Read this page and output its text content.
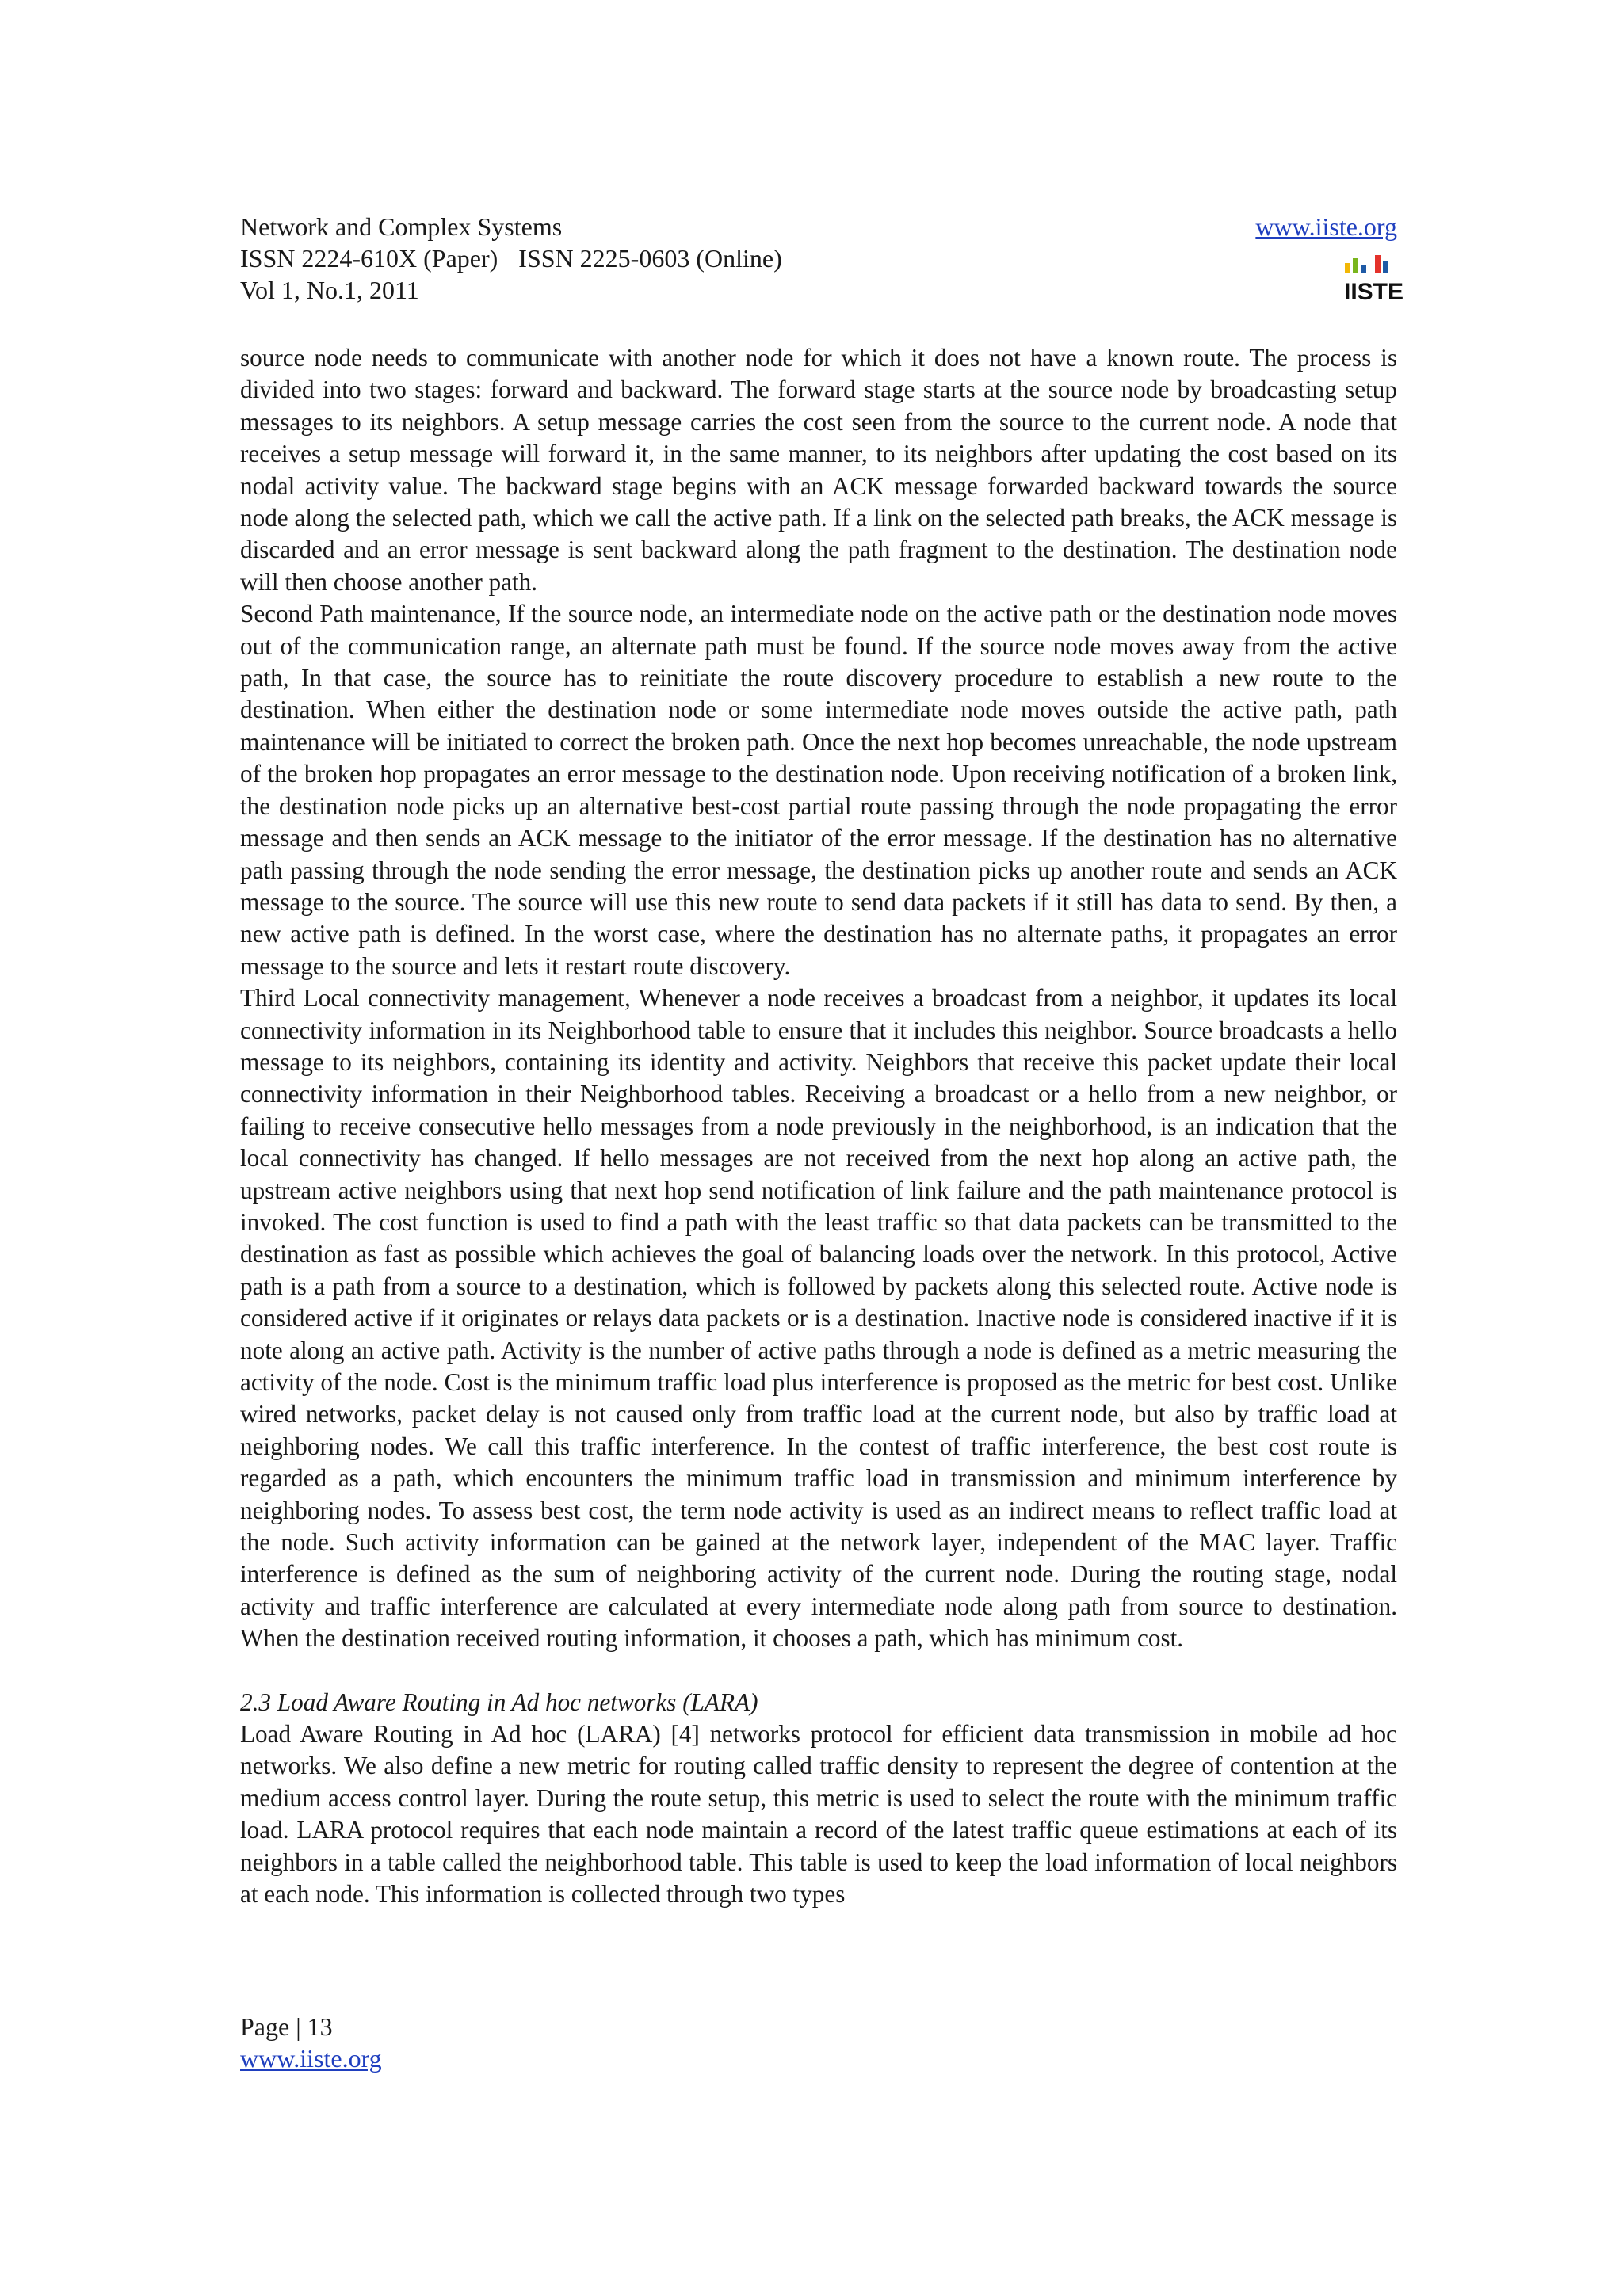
Network and Complex Systems
ISSN 2224-610X (Paper) ISSN 2225-0603 (Online)
Vol 1, No.1, 2011
www.iiste.org
IISTE

source node needs to communicate with another node for which it does not have a known route. The process is divided into two stages: forward and backward. The forward stage starts at the source node by broadcasting setup messages to its neighbors. A setup message carries the cost seen from the source to the current node. A node that receives a setup message will forward it, in the same manner, to its neighbors after updating the cost based on its nodal activity value. The backward stage begins with an ACK message forwarded backward towards the source node along the selected path, which we call the active path. If a link on the selected path breaks, the ACK message is discarded and an error message is sent backward along the path fragment to the destination. The destination node will then choose another path.

Second Path maintenance, If the source node, an intermediate node on the active path or the destination node moves out of the communication range, an alternate path must be found. If the source node moves away from the active path, In that case, the source has to reinitiate the route discovery procedure to establish a new route to the destination. When either the destination node or some intermediate node moves outside the active path, path maintenance will be initiated to correct the broken path. Once the next hop becomes unreachable, the node upstream of the broken hop propagates an error message to the destination node. Upon receiving notification of a broken link, the destination node picks up an alternative best-cost partial route passing through the node propagating the error message and then sends an ACK message to the initiator of the error message. If the destination has no alternative path passing through the node sending the error message, the destination picks up another route and sends an ACK message to the source. The source will use this new route to send data packets if it still has data to send. By then, a new active path is defined. In the worst case, where the destination has no alternate paths, it propagates an error message to the source and lets it restart route discovery.

Third Local connectivity management, Whenever a node receives a broadcast from a neighbor, it updates its local connectivity information in its Neighborhood table to ensure that it includes this neighbor. Source broadcasts a hello message to its neighbors, containing its identity and activity. Neighbors that receive this packet update their local connectivity information in their Neighborhood tables. Receiving a broadcast or a hello from a new neighbor, or failing to receive consecutive hello messages from a node previously in the neighborhood, is an indication that the local connectivity has changed. If hello messages are not received from the next hop along an active path, the upstream active neighbors using that next hop send notification of link failure and the path maintenance protocol is invoked. The cost function is used to find a path with the least traffic so that data packets can be transmitted to the destination as fast as possible which achieves the goal of balancing loads over the network. In this protocol, Active path is a path from a source to a destination, which is followed by packets along this selected route. Active node is considered active if it originates or relays data packets or is a destination. Inactive node is considered inactive if it is note along an active path. Activity is the number of active paths through a node is defined as a metric measuring the activity of the node. Cost is the minimum traffic load plus interference is proposed as the metric for best cost. Unlike wired networks, packet delay is not caused only from traffic load at the current node, but also by traffic load at neighboring nodes. We call this traffic interference. In the contest of traffic interference, the best cost route is regarded as a path, which encounters the minimum traffic load in transmission and minimum interference by neighboring nodes. To assess best cost, the term node activity is used as an indirect means to reflect traffic load at the node. Such activity information can be gained at the network layer, independent of the MAC layer. Traffic interference is defined as the sum of neighboring activity of the current node. During the routing stage, nodal activity and traffic interference are calculated at every intermediate node along path from source to destination. When the destination received routing information, it chooses a path, which has minimum cost.

2.3 Load Aware Routing in Ad hoc networks (LARA)

Load Aware Routing in Ad hoc (LARA) [4] networks protocol for efficient data transmission in mobile ad hoc networks. We also define a new metric for routing called traffic density to represent the degree of contention at the medium access control layer. During the route setup, this metric is used to select the route with the minimum traffic load. LARA protocol requires that each node maintain a record of the latest traffic queue estimations at each of its neighbors in a table called the neighborhood table. This table is used to keep the load information of local neighbors at each node. This information is collected through two types

Page | 13
www.iiste.org
